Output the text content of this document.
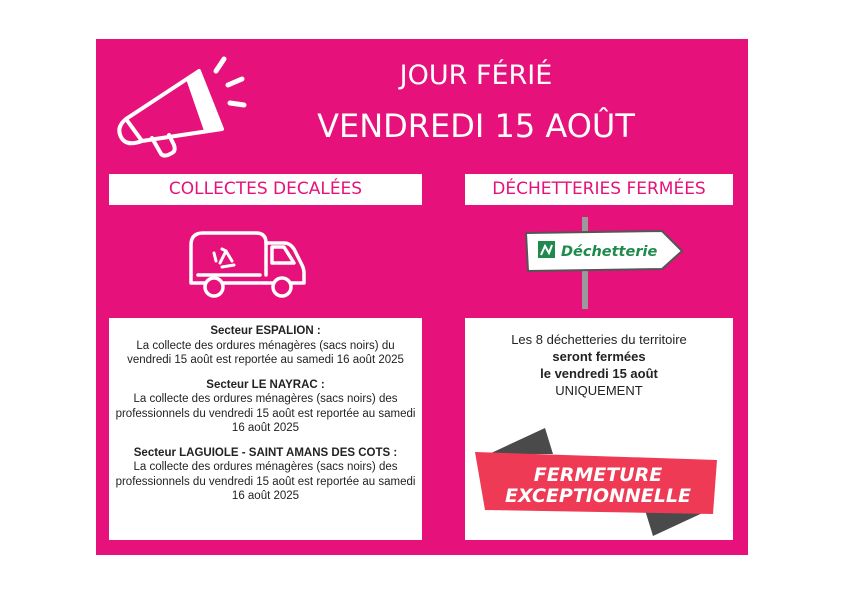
JOUR FÉRIÉ
VENDREDI 15 AOÛT
COLLECTES DECALÉES	DÉCHETTERIES FERMÉES
Déchetterie
Secteur ESPALION :
La collecte des ordures ménagères (sacs noirs) du vendredi 15 août est reportée au samedi 16 août 2025
Secteur LE NAYRAC :
La collecte des ordures ménagères (sacs noirs) des professionnels du vendredi 15 août est reportée au samedi 16 août 2025
Secteur LAGUIOLE - SAINT AMANS DES COTS :
La collecte des ordures ménagères (sacs noirs) des professionnels du vendredi 15 août est reportée au samedi 16 août 2025
Les 8 déchetteries du territoire
seront fermées
le vendredi 15 août
UNIQUEMENT
FERMETURE
EXCEPTIONNELLE
